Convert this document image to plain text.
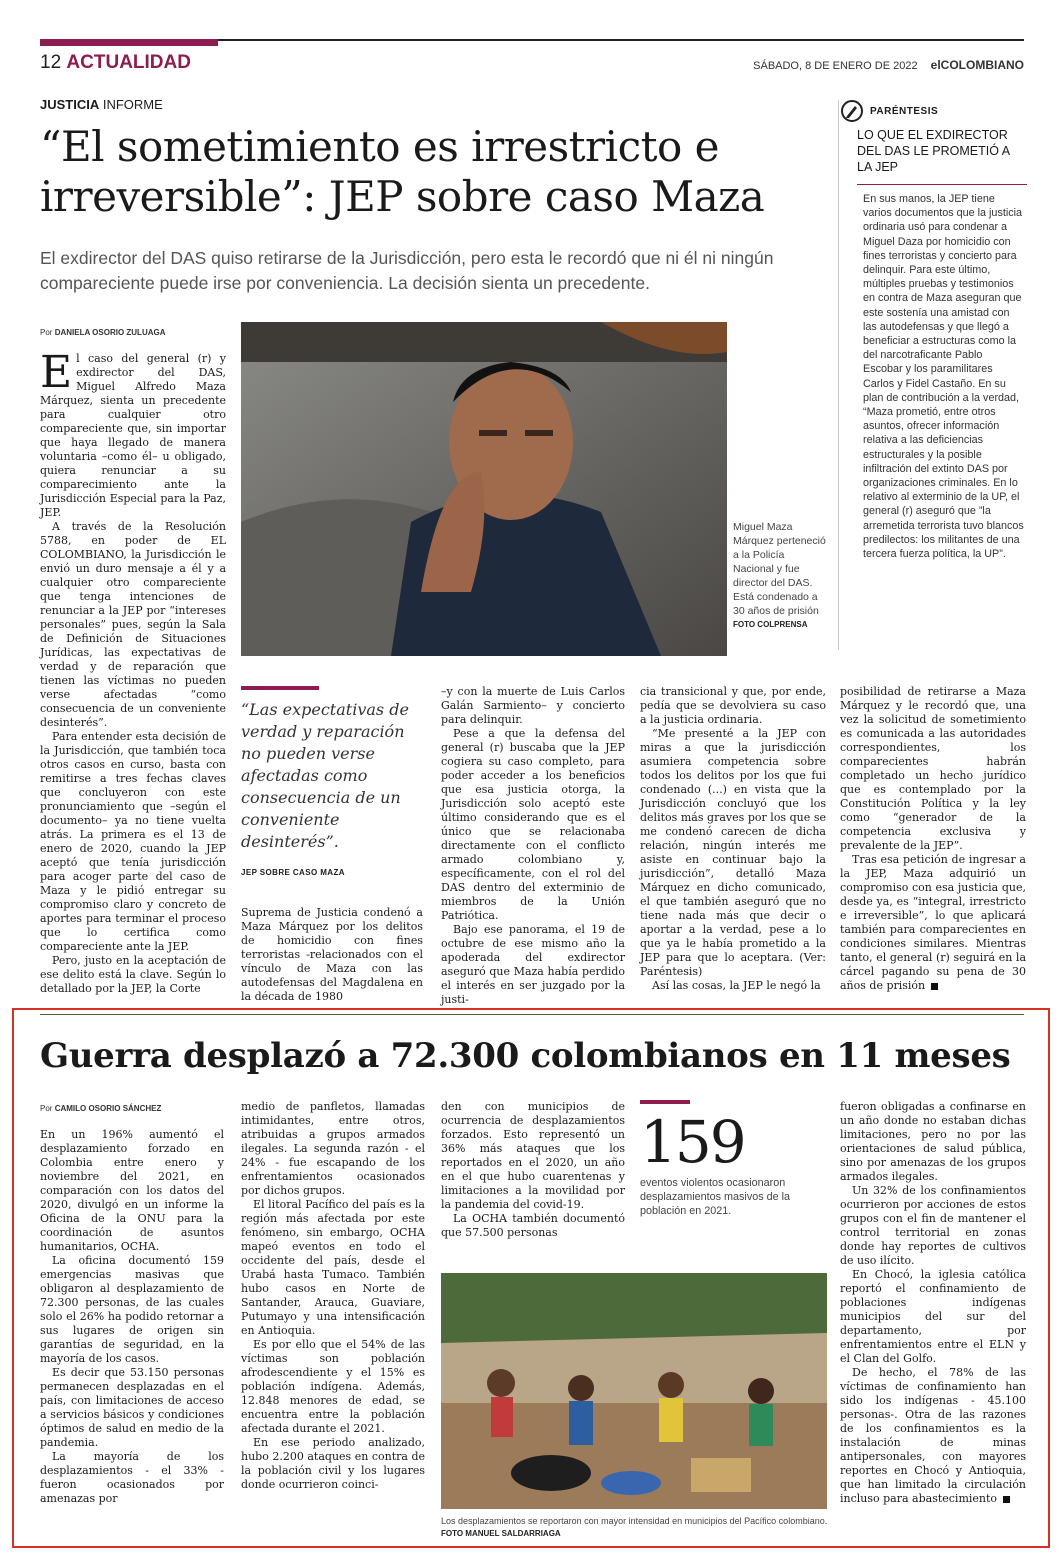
12 ACTUALIDAD	SÁBADO, 8 DE ENERO DE 2022 elCOLOMBIANO
JUSTICIA INFORME
“El sometimiento es irrestricto e irreversible”: JEP sobre caso Maza
El exdirector del DAS quiso retirarse de la Jurisdicción, pero esta le recordó que ni él ni ningún compareciente puede irse por conveniencia. La decisión sienta un precedente.
Por DANIELA OSORIO ZULUAGA

El caso del general (r) y exdirector del DAS, Miguel Alfredo Maza Márquez, sienta un precedente para cualquier otro compareciente que, sin importar que haya llegado de manera voluntaria –como él– u obligado, quiera renunciar a su comparecimiento ante la Jurisdicción Especial para la Paz, JEP.

A través de la Resolución 5788, en poder de EL COLOMBIANO, la Jurisdicción le envió un duro mensaje a él y a cualquier otro compareciente que tenga intenciones de renunciar a la JEP por “intereses personales” pues, según la Sala de Definición de Situaciones Jurídicas, las expectativas de verdad y de reparación que tienen las víctimas no pueden verse afectadas “como consecuencia de un conveniente desinterés”.

Para entender esta decisión de la Jurisdicción, que también toca otros casos en curso, basta con remitirse a tres fechas claves que concluyeron con este pronunciamiento que –según el documento– ya no tiene vuelta atrás. La primera es el 13 de enero de 2020, cuando la JEP aceptó que tenía jurisdicción para acoger parte del caso de Maza y le pidió entregar su compromiso claro y concreto de aportes para terminar el proceso que lo certifica como compareciente ante la JEP.

Pero, justo en la aceptación de ese delito está la clave. Según lo detallado por la JEP, la Corte

Miguel Maza Márquez perteneció a la Policía Nacional y fue director del DAS. Está condenado a 30 años de prisión
FOTO COLPRENSA
PARÉNTESIS
LO QUE EL EXDIRECTOR DEL DAS LE PROMETIÓ A LA JEP
En sus manos, la JEP tiene varios documentos que la justicia ordinaria usó para condenar a Miguel Daza por homicidio con fines terroristas y concierto para delinquir. Para este último, múltiples pruebas y testimonios en contra de Maza aseguran que este sostenía una amistad con las autodefensas y que llegó a beneficiar a estructuras como la del narcotraficante Pablo Escobar y los paramilitares Carlos y Fidel Castaño. En su plan de contribución a la verdad, “Maza prometió, entre otros asuntos, ofrecer información relativa a las deficiencias estructurales y la posible infiltración del extinto DAS por organizaciones criminales. En lo relativo al exterminio de la UP, el general (r) aseguró que ”la arremetida terrorista tuvo blancos predilectos: los militantes de una tercera fuerza política, la UP”.
“Las expectativas de verdad y reparación no pueden verse afectadas como consecuencia de un conveniente desinterés”.
JEP SOBRE CASO MAZA

Suprema de Justicia condenó a Maza Márquez por los delitos de homicidio con fines terroristas -relacionados con el vínculo de Maza con las autodefensas del Magdalena en la década de 1980

–y con la muerte de Luis Carlos Galán Sarmiento– y concierto para delinquir.

Pese a que la defensa del general (r) buscaba que la JEP cogiera su caso completo, para poder acceder a los beneficios que esa justicia otorga, la Jurisdicción solo aceptó este último considerando que es el único que se relacionaba directamente con el conflicto armado colombiano y, específicamente, con el rol del DAS dentro del exterminio de miembros de la Unión Patriótica.

Bajo ese panorama, el 19 de octubre de ese mismo año la apoderada del exdirector aseguró que Maza había perdido el interés en ser juzgado por la justi-

cia transicional y que, por ende, pedía que se devolviera su caso a la justicia ordinaria.

“Me presenté a la JEP con miras a que la jurisdicción asumiera competencia sobre todos los delitos por los que fui condenado (...) en vista que la Jurisdicción concluyó que los delitos más graves por los que se me condenó carecen de dicha relación, ningún interés me asiste en continuar bajo la jurisdicción”, detalló Maza Márquez en dicho comunicado, el que también aseguró que no tiene nada más que decir o aportar a la verdad, pese a lo que ya le había prometido a la JEP para que lo aceptara. (Ver: Paréntesis)

Así las cosas, la JEP le negó la

posibilidad de retirarse a Maza Márquez y le recordó que, una vez la solicitud de sometimiento es comunicada a las autoridades correspondientes, los comparecientes habrán completado un hecho jurídico que es contemplado por la Constitución Política y la ley como “generador de la competencia exclusiva y prevalente de la JEP”.

Tras esa petición de ingresar a la JEP, Maza adquirió un compromiso con esa justicia que, desde ya, es “integral, irrestricto e irreversible”, lo que aplicará también para comparecientes en condiciones similares. Mientras tanto, el general (r) seguirá en la cárcel pagando su pena de 30 años de prisión

Guerra desplazó a 72.300 colombianos en 11 meses
Por CAMILO OSORIO SÁNCHEZ

En un 196% aumentó el desplazamiento forzado en Colombia entre enero y noviembre del 2021, en comparación con los datos del 2020, divulgó en un informe la Oficina de la ONU para la coordinación de asuntos humanitarios, OCHA.

La oficina documentó 159 emergencias masivas que obligaron al desplazamiento de 72.300 personas, de las cuales solo el 26% ha podido retornar a sus lugares de origen sin garantías de seguridad, en la mayoría de los casos.

Es decir que 53.150 personas permanecen desplazadas en el país, con limitaciones de acceso a servicios básicos y condiciones óptimos de salud en medio de la pandemia.

La mayoría de los desplazamientos - el 33% - fueron ocasionados por amenazas por

medio de panfletos, llamadas intimidantes, entre otros, atribuidas a grupos armados ilegales. La segunda razón - el 24% - fue escapando de los enfrentamientos ocasionados por dichos grupos.

El litoral Pacífico del país es la región más afectada por este fenómeno, sin embargo, OCHA mapeó eventos en todo el occidente del país, desde el Urabá hasta Tumaco. También hubo casos en Norte de Santander, Arauca, Guaviare, Putumayo y una intensificación en Antioquia.

Es por ello que el 54% de las víctimas son población afrodescendiente y el 15% es población indígena. Además, 12.848 menores de edad, se encuentra entre la población afectada durante el 2021.

En ese periodo analizado, hubo 2.200 ataques en contra de la población civil y los lugares donde ocurrieron coinci-

den con municipios de ocurrencia de desplazamientos forzados. Esto representó un 36% más ataques que los reportados en el 2020, un año en el que hubo cuarentenas y limitaciones a la movilidad por la pandemia del covid-19.

La OCHA también documentó que 57.500 personas

159
eventos violentos ocasionaron desplazamientos masivos de la población en 2021.
Los desplazamientos se reportaron con mayor intensidad en municipios del Pacífico colombiano. FOTO MANUEL SALDARRIAGA

fueron obligadas a confinarse en un año donde no estaban dichas limitaciones, pero no por las orientaciones de salud pública, sino por amenazas de los grupos armados ilegales.

Un 32% de los confinamientos ocurrieron por acciones de estos grupos con el fin de mantener el control territorial en zonas donde hay reportes de cultivos de uso ilícito.

En Chocó, la iglesia católica reportó el confinamiento de poblaciones indígenas municipios del sur del departamento, por enfrentamientos entre el ELN y el Clan del Golfo.

De hecho, el 78% de las víctimas de confinamiento han sido los indígenas - 45.100 personas-. Otra de las razones de los confinamientos es la instalación de minas antipersonales, con mayores reportes en Chocó y Antioquia, que han limitado la circulación incluso para abastecimiento
